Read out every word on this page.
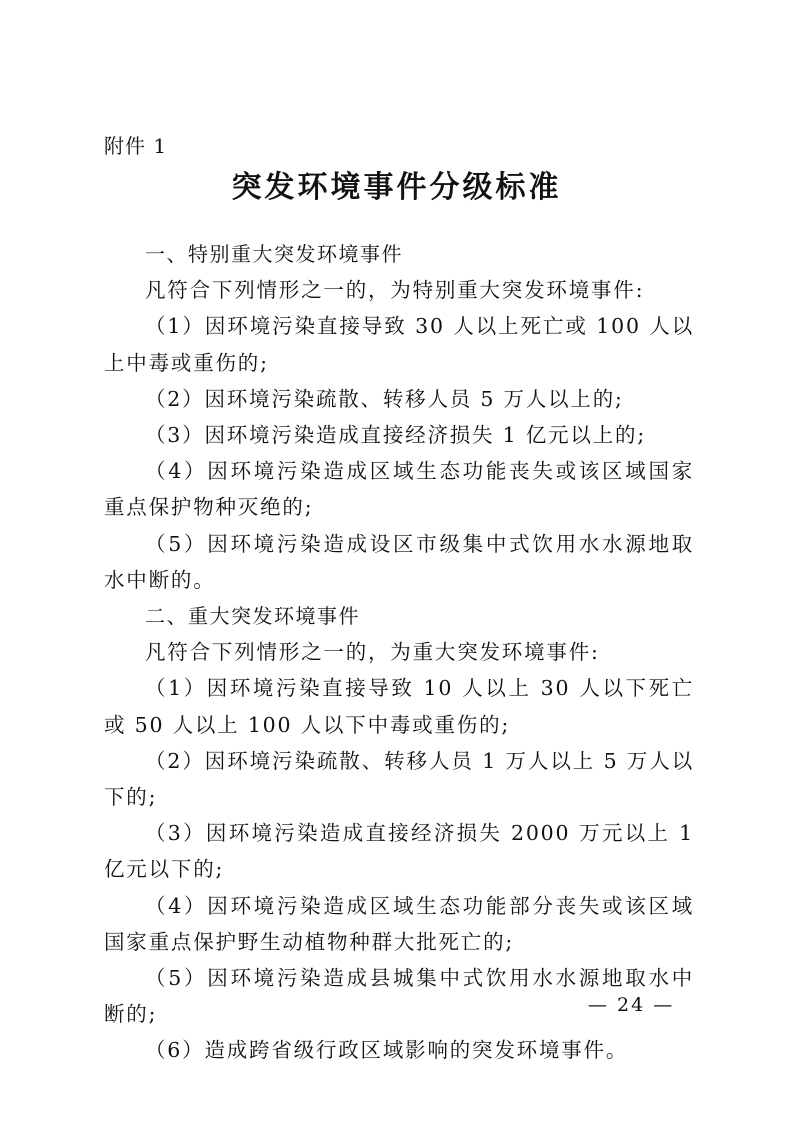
附件 1
突发环境事件分级标准

一、特别重大突发环境事件

凡符合下列情形之一的，为特别重大突发环境事件:

（1）因环境污染直接导致 30 人以上死亡或 100 人以上中毒或重伤的;

（2）因环境污染疏散、转移人员 5 万人以上的;

（3）因环境污染造成直接经济损失 1 亿元以上的;

（4）因环境污染造成区域生态功能丧失或该区域国家重点保护物种灭绝的;

（5）因环境污染造成设区市级集中式饮用水水源地取水中断的。

二、重大突发环境事件

凡符合下列情形之一的，为重大突发环境事件:

（1）因环境污染直接导致 10 人以上 30 人以下死亡或 50 人以上 100 人以下中毒或重伤的;

（2）因环境污染疏散、转移人员 1 万人以上 5 万人以下的;

（3）因环境污染造成直接经济损失 2000 万元以上 1 亿元以下的;

（4）因环境污染造成区域生态功能部分丧失或该区域国家重点保护野生动植物种群大批死亡的;

（5）因环境污染造成县城集中式饮用水水源地取水中断的;

（6）造成跨省级行政区域影响的突发环境事件。

— 24 —
